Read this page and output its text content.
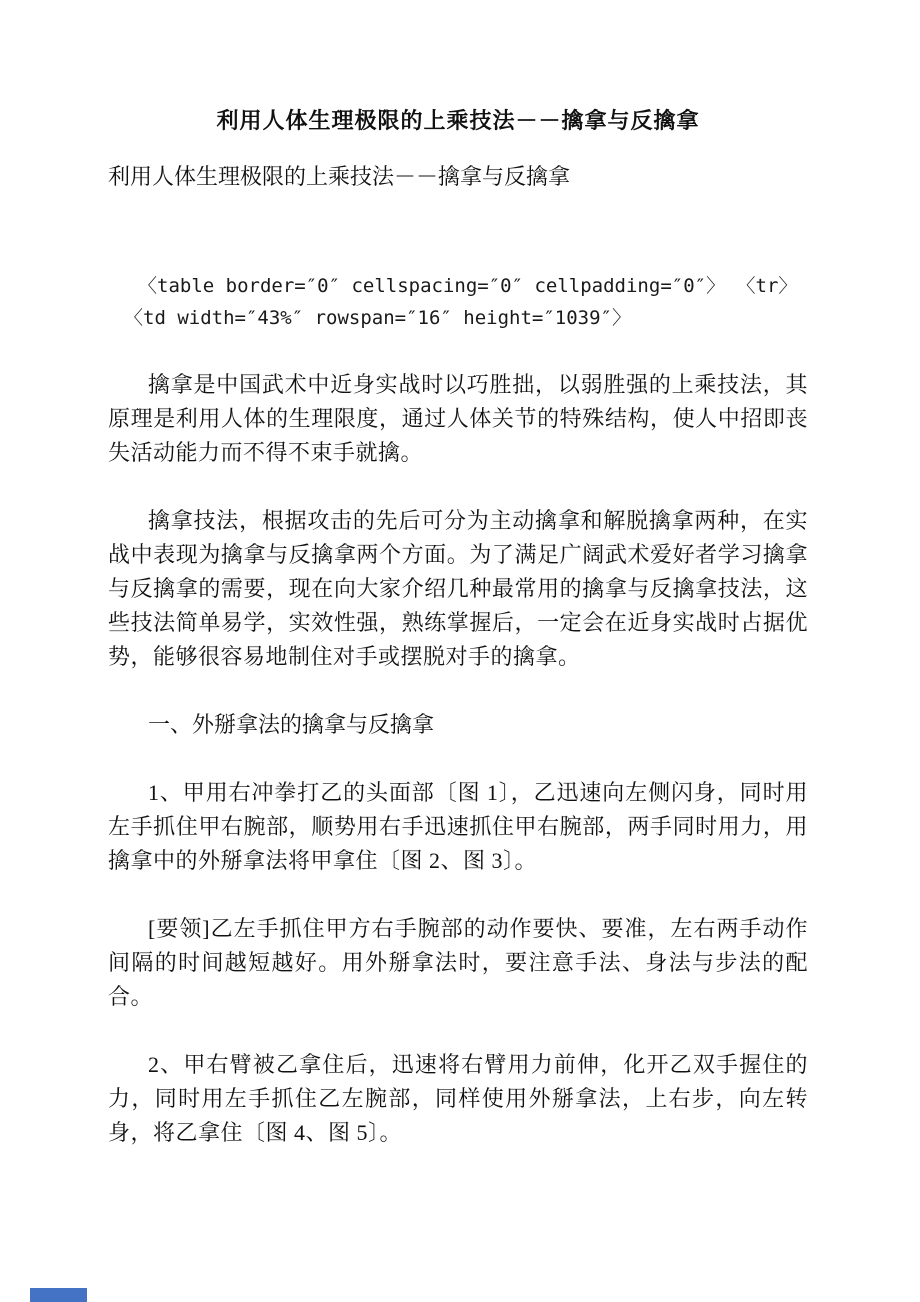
利用人体生理极限的上乘技法－－擒拿与反擒拿

利用人体生理极限的上乘技法－－擒拿与反擒拿

〈table border=″0″ cellspacing=″0″ cellpadding=″0″〉 〈tr〉

〈td width=″43%″ rowspan=″16″ height=″1039″〉

擒拿是中国武术中近身实战时以巧胜拙，以弱胜强的上乘技法，其原理是利用人体的生理限度，通过人体关节的特殊结构，使人中招即丧失活动能力而不得不束手就擒。

擒拿技法，根据攻击的先后可分为主动擒拿和解脱擒拿两种，在实战中表现为擒拿与反擒拿两个方面。为了满足广阔武术爱好者学习擒拿与反擒拿的需要，现在向大家介绍几种最常用的擒拿与反擒拿技法，这些技法简单易学，实效性强，熟练掌握后，一定会在近身实战时占据优势，能够很容易地制住对手或摆脱对手的擒拿。

一、外掰拿法的擒拿与反擒拿

1、甲用右冲拳打乙的头面部〔图 1〕，乙迅速向左侧闪身，同时用左手抓住甲右腕部，顺势用右手迅速抓住甲右腕部，两手同时用力，用擒拿中的外掰拿法将甲拿住〔图 2、图 3〕。

[要领]乙左手抓住甲方右手腕部的动作要快、要准，左右两手动作间隔的时间越短越好。用外掰拿法时，要注意手法、身法与步法的配合。

2、甲右臂被乙拿住后，迅速将右臂用力前伸，化开乙双手握住的力，同时用左手抓住乙左腕部，同样使用外掰拿法，上右步，向左转身，将乙拿住〔图 4、图 5〕。
